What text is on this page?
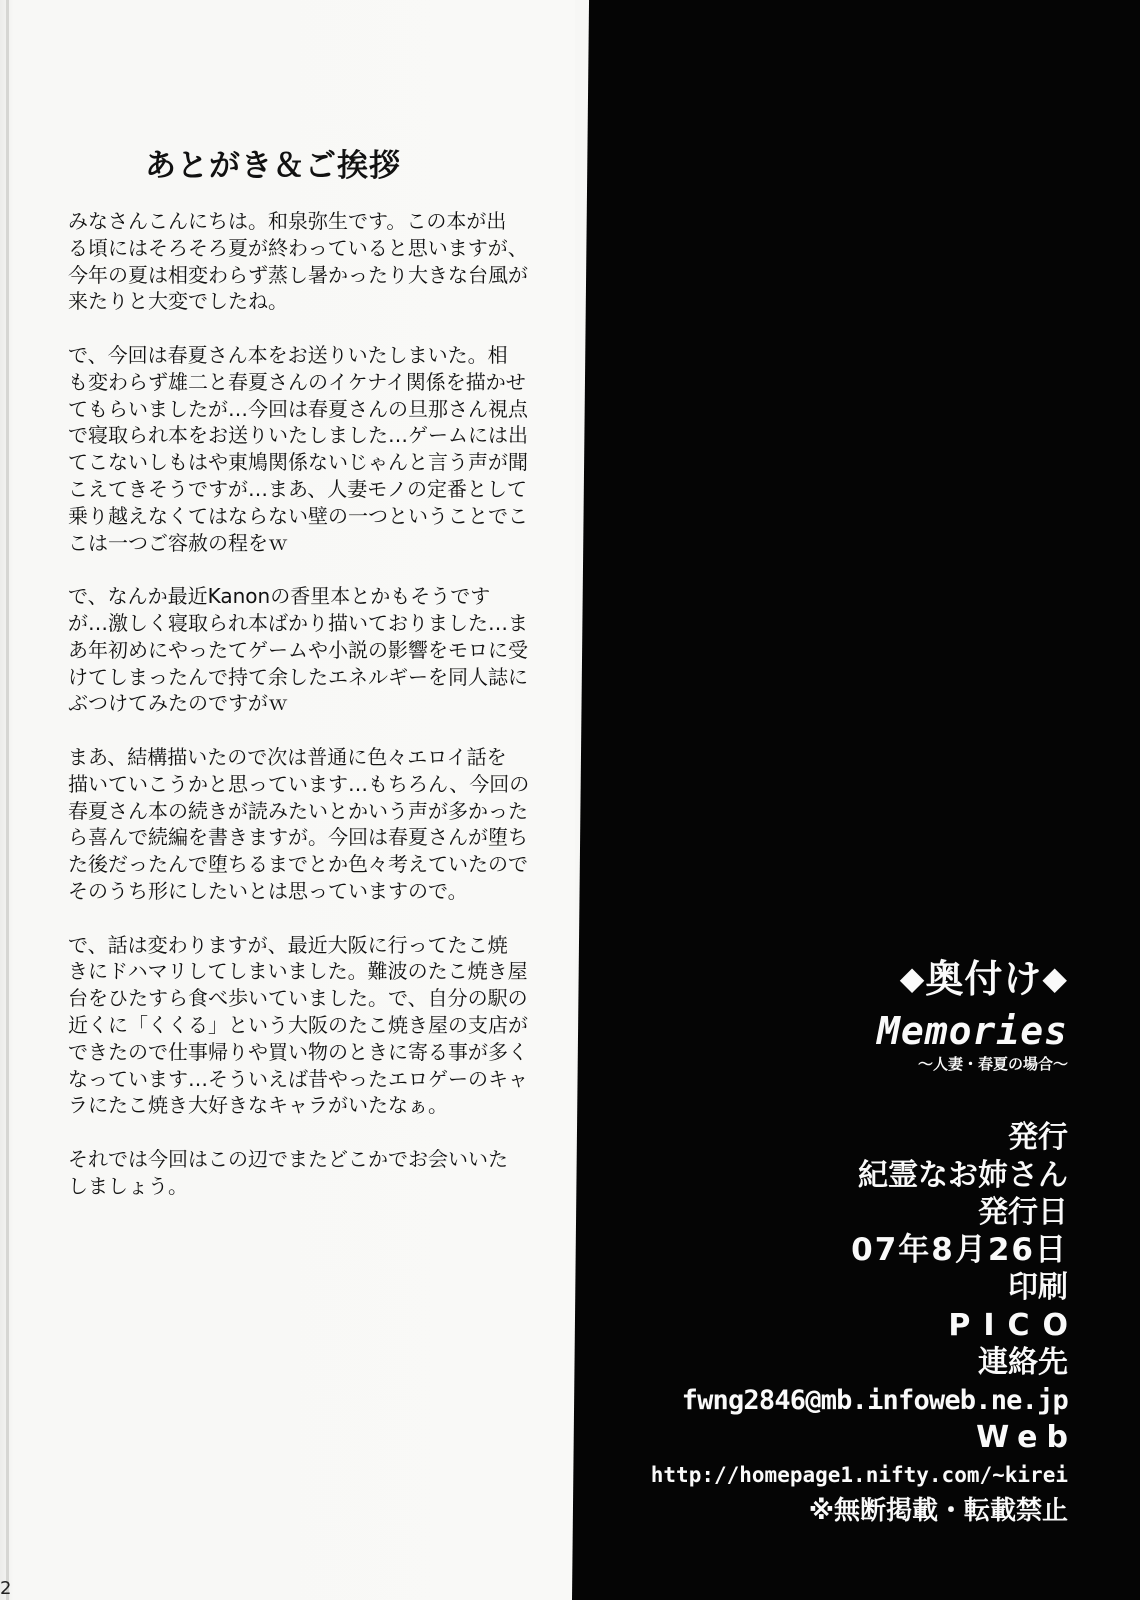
あとがき＆ご挨拶

みなさんこんにちは。和泉弥生です。この本が出
る頃にはそろそろ夏が終わっていると思いますが、
今年の夏は相変わらず蒸し暑かったり大きな台風が
来たりと大変でしたね。

で、今回は春夏さん本をお送りいたしまいた。相
も変わらず雄二と春夏さんのイケナイ関係を描かせ
てもらいましたが…今回は春夏さんの旦那さん視点
で寝取られ本をお送りいたしました…ゲームには出
てこないしもはや東鳩関係ないじゃんと言う声が聞
こえてきそうですが…まあ、人妻モノの定番として
乗り越えなくてはならない壁の一つということでこ
こは一つご容赦の程をｗ

で、なんか最近Kanonの香里本とかもそうです
が…激しく寝取られ本ばかり描いておりました…ま
あ年初めにやったてゲームや小説の影響をモロに受
けてしまったんで持て余したエネルギーを同人誌に
ぶつけてみたのですがｗ

まあ、結構描いたので次は普通に色々エロイ話を
描いていこうかと思っています…もちろん、今回の
春夏さん本の続きが読みたいとかいう声が多かった
ら喜んで続編を書きますが。今回は春夏さんが堕ち
た後だったんで堕ちるまでとか色々考えていたので
そのうち形にしたいとは思っていますので。

で、話は変わりますが、最近大阪に行ってたこ焼
きにドハマリしてしまいました。難波のたこ焼き屋
台をひたすら食べ歩いていました。で、自分の駅の
近くに「くくる」という大阪のたこ焼き屋の支店が
できたので仕事帰りや買い物のときに寄る事が多く
なっています…そういえば昔やったエロゲーのキャ
ラにたこ焼き大好きなキャラがいたなぁ。

それでは今回はこの辺でまたどこかでお会いいた
しましょう。

2
◆奥付け◆
Memories
〜人妻・春夏の場合〜
発行
紀霊なお姉さん
発行日
07年8月26日
印刷
PICO
連絡先
fwng2846@mb.infoweb.ne.jp
Web
http://homepage1.nifty.com/~kirei
※無断掲載・転載禁止
